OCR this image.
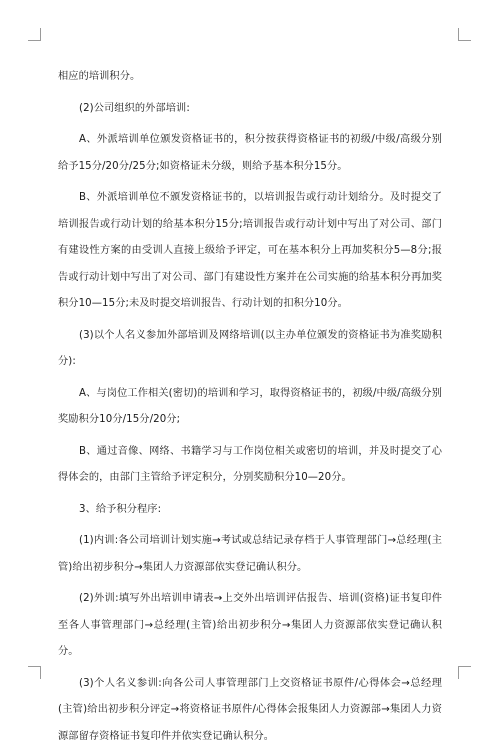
相应的培训积分。

(2)公司组织的外部培训:

A、外派培训单位颁发资格证书的，积分按获得资格证书的初级/中级/高级分别给予15分/20分/25分;如资格证未分级，则给予基本积分15分。

B、外派培训单位不颁发资格证书的，以培训报告或行动计划给分。及时提交了培训报告或行动计划的给基本积分15分;培训报告或行动计划中写出了对公司、部门有建设性方案的由受训人直接上级给予评定，可在基本积分上再加奖积分5—8分;报告或行动计划中写出了对公司、部门有建设性方案并在公司实施的给基本积分再加奖积分10—15分;未及时提交培训报告、行动计划的扣积分10分。

(3)以个人名义参加外部培训及网络培训(以主办单位颁发的资格证书为准奖励积分):

A、与岗位工作相关(密切)的培训和学习，取得资格证书的，初级/中级/高级分别奖励积分10分/15分/20分;

B、通过音像、网络、书籍学习与工作岗位相关或密切的培训，并及时提交了心得体会的，由部门主管给予评定积分，分别奖励积分10—20分。

3、给予积分程序:

(1)内训:各公司培训计划实施→考试或总结记录存档于人事管理部门→总经理(主管)给出初步积分→集团人力资源部依实登记确认积分。

(2)外训:填写外出培训申请表→上交外出培训评估报告、培训(资格)证书复印件至各人事管理部门→总经理(主管)给出初步积分→集团人力资源部依实登记确认积分。

(3)个人名义参训:向各公司人事管理部门上交资格证书原件/心得体会→总经理(主管)给出初步积分评定→将资格证书原件/心得体会报集团人力资源部→集团人力资源部留存资格证书复印件并依实登记确认积分。
